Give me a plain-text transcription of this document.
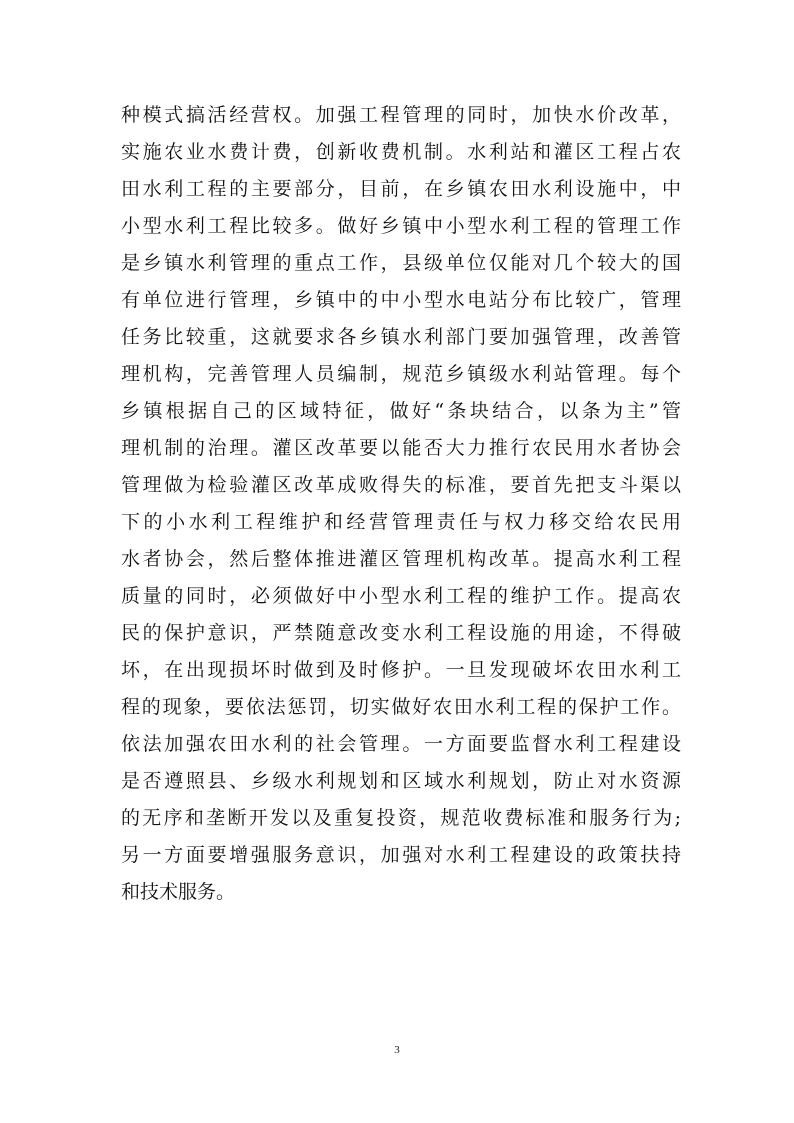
种模式搞活经营权。加强工程管理的同时，加快水价改革，
实施农业水费计费，创新收费机制。水利站和灌区工程占农
田水利工程的主要部分，目前，在乡镇农田水利设施中，中
小型水利工程比较多。做好乡镇中小型水利工程的管理工作
是乡镇水利管理的重点工作，县级单位仅能对几个较大的国
有单位进行管理，乡镇中的中小型水电站分布比较广，管理
任务比较重，这就要求各乡镇水利部门要加强管理，改善管
理机构，完善管理人员编制，规范乡镇级水利站管理。每个
乡镇根据自己的区域特征，做好“条块结合，以条为主”管
理机制的治理。灌区改革要以能否大力推行农民用水者协会
管理做为检验灌区改革成败得失的标准，要首先把支斗渠以
下的小水利工程维护和经营管理责任与权力移交给农民用
水者协会，然后整体推进灌区管理机构改革。提高水利工程
质量的同时，必须做好中小型水利工程的维护工作。提高农
民的保护意识，严禁随意改变水利工程设施的用途，不得破
坏，在出现损坏时做到及时修护。一旦发现破坏农田水利工
程的现象，要依法惩罚，切实做好农田水利工程的保护工作。
依法加强农田水利的社会管理。一方面要监督水利工程建设
是否遵照县、乡级水利规划和区域水利规划，防止对水资源
的无序和垄断开发以及重复投资，规范收费标准和服务行为;
另一方面要增强服务意识，加强对水利工程建设的政策扶持
和技术服务。
3
